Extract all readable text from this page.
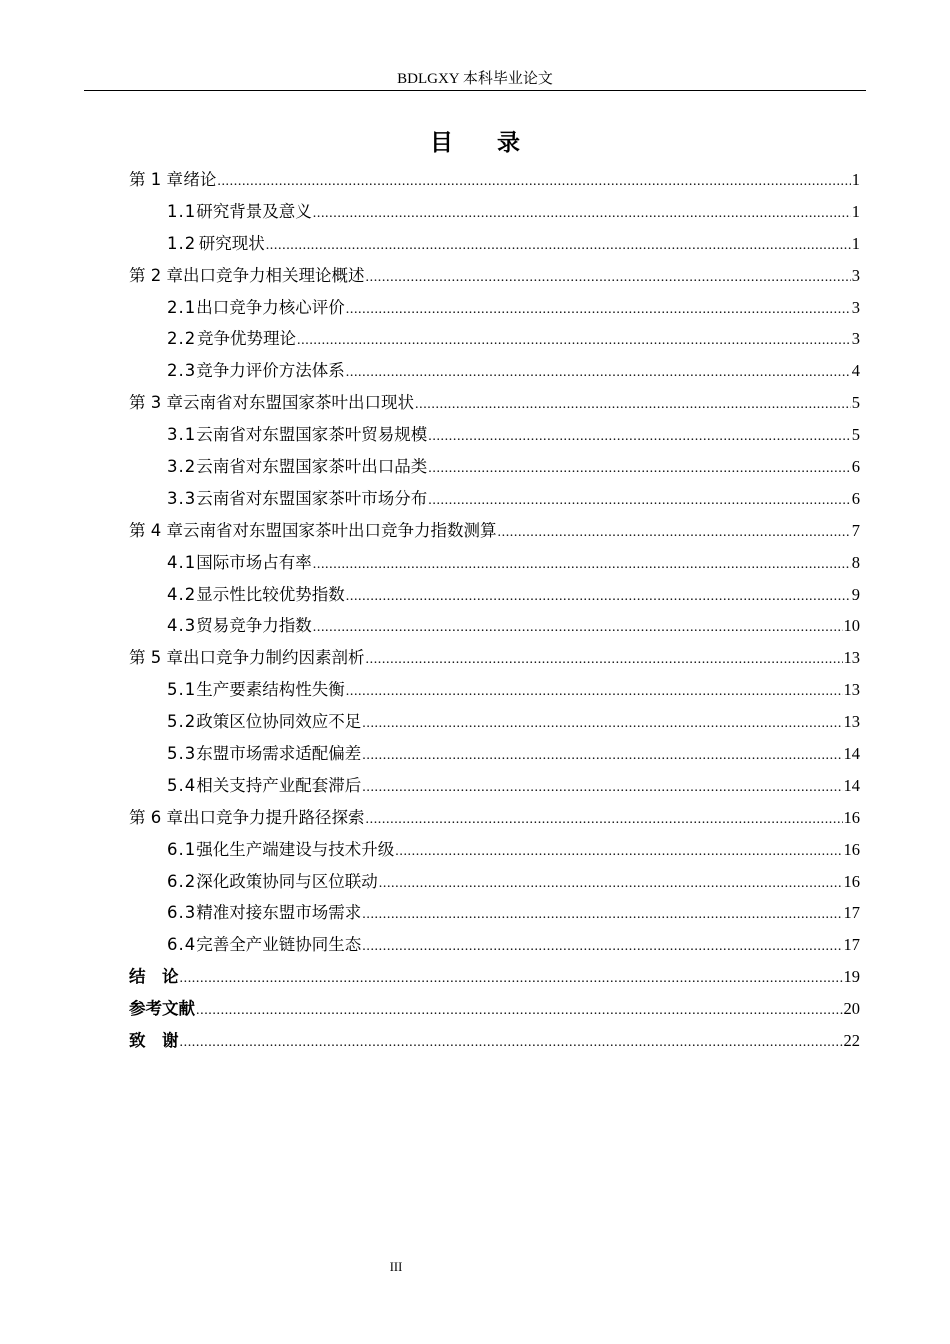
BDLGXY 本科毕业论文
目录
第 1 章 绪论 .....	1
1.1 研究背景及意义 .....	1
1.2 研究现状 .....	1
第 2 章 出口竞争力相关理论概述 .....	3
2.1 出口竞争力核心评价 .....	3
2.2 竞争优势理论 .....	3
2.3 竞争力评价方法体系 .....	4
第 3 章 云南省对东盟国家茶叶出口现状 .....	5
3.1 云南省对东盟国家茶叶贸易规模 .....	5
3.2 云南省对东盟国家茶叶出口品类 .....	6
3.3 云南省对东盟国家茶叶市场分布 .....	6
第 4 章 云南省对东盟国家茶叶出口竞争力指数测算 .....	7
4.1 国际市场占有率 .....	8
4.2 显示性比较优势指数 .....	9
4.3 贸易竞争力指数 .....	10
第 5 章 出口竞争力制约因素剖析 .....	13
5.1 生产要素结构性失衡 .....	13
5.2 政策区位协同效应不足 .....	13
5.3 东盟市场需求适配偏差 .....	14
5.4 相关支持产业配套滞后 .....	14
第 6 章 出口竞争力提升路径探索 .....	16
6.1 强化生产端建设与技术升级 .....	16
6.2 深化政策协同与区位联动 .....	16
6.3 精准对接东盟市场需求 .....	17
6.4 完善全产业链协同生态 .....	17
结　论 .....	19
参考文献 .....	20
致　谢 .....	22
III
